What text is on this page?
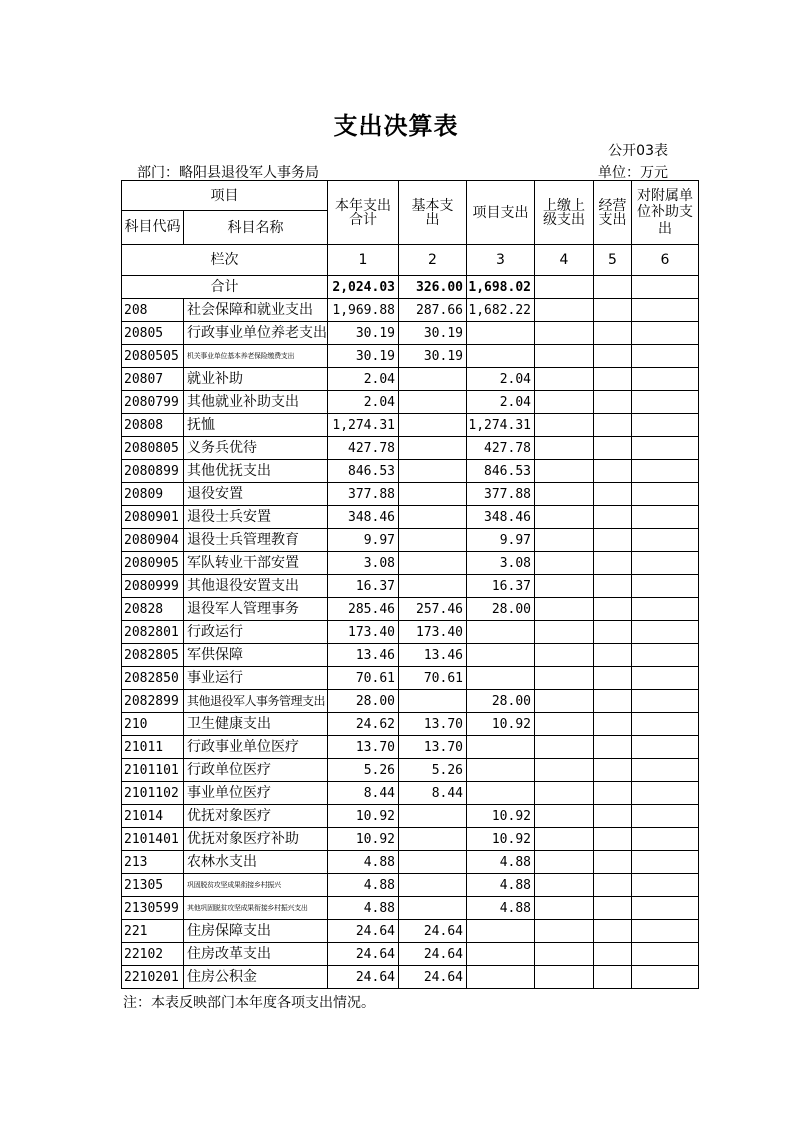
支出决算表
公开03表
部门：略阳县退役军人事务局	单位：万元
项目		本年支出合计	基本支出	项目支出	上缴上级支出	经营支出	对附属单位补助支出
科目代码	科目名称						
栏次		1	2	3	4	5	6
合计		2,024.03	326.00	1,698.02			
208	社会保障和就业支出	1,969.88	287.66	1,682.22			
20805	行政事业单位养老支出	30.19	30.19				
2080505	机关事业单位基本养老保险缴费支出	30.19	30.19				
20807	就业补助	2.04		2.04			
2080799	其他就业补助支出	2.04		2.04			
20808	抚恤	1,274.31		1,274.31			
2080805	义务兵优待	427.78		427.78			
2080899	其他优抚支出	846.53		846.53			
20809	退役安置	377.88		377.88			
2080901	退役士兵安置	348.46		348.46			
2080904	退役士兵管理教育	9.97		9.97			
2080905	军队转业干部安置	3.08		3.08			
2080999	其他退役安置支出	16.37		16.37			
20828	退役军人管理事务	285.46	257.46	28.00			
2082801	行政运行	173.40	173.40				
2082805	军供保障	13.46	13.46				
2082850	事业运行	70.61	70.61				
2082899	其他退役军人事务管理支出	28.00		28.00			
210	卫生健康支出	24.62	13.70	10.92			
21011	行政事业单位医疗	13.70	13.70				
2101101	行政单位医疗	5.26	5.26				
2101102	事业单位医疗	8.44	8.44				
21014	优抚对象医疗	10.92		10.92			
2101401	优抚对象医疗补助	10.92		10.92			
213	农林水支出	4.88		4.88			
21305	巩固脱贫攻坚成果衔接乡村振兴	4.88		4.88			
2130599	其他巩固脱贫攻坚成果衔接乡村振兴支出	4.88		4.88			
221	住房保障支出	24.64	24.64				
22102	住房改革支出	24.64	24.64				
2210201	住房公积金	24.64	24.64				
注：本表反映部门本年度各项支出情况。
